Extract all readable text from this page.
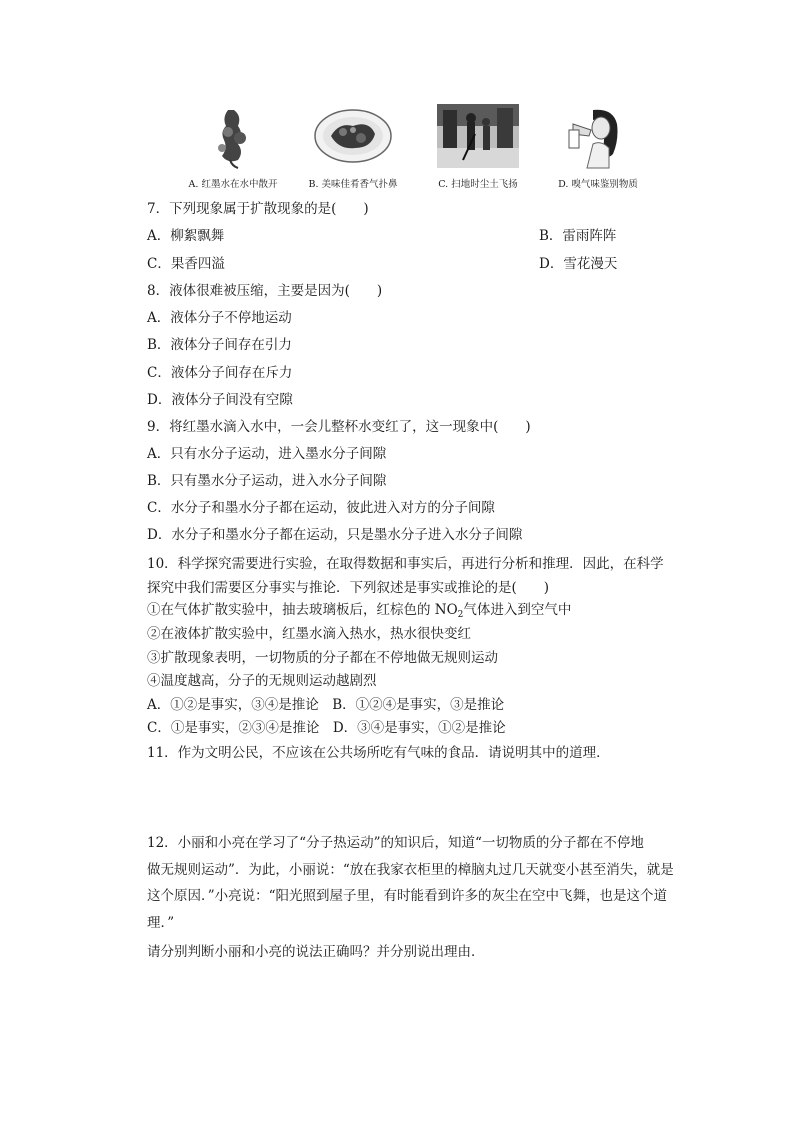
A. 红墨水在水中散开	B. 美味佳肴香气扑鼻	C. 扫地时尘土飞扬	D. 嗅气味鉴别物质
7．下列现象属于扩散现象的是(　　)
A．柳絮飘舞	B．雷雨阵阵
C．果香四溢	D．雪花漫天
8．液体很难被压缩，主要是因为(　　)
A．液体分子不停地运动
B．液体分子间存在引力
C．液体分子间存在斥力
D．液体分子间没有空隙
9．将红墨水滴入水中，一会儿整杯水变红了，这一现象中(　　)
A．只有水分子运动，进入墨水分子间隙
B．只有墨水分子运动，进入水分子间隙
C．水分子和墨水分子都在运动，彼此进入对方的分子间隙
D．水分子和墨水分子都在运动，只是墨水分子进入水分子间隙
10．科学探究需要进行实验，在取得数据和事实后，再进行分析和推理．因此，在科学
探究中我们需要区分事实与推论．下列叙述是事实或推论的是(　　)
①在气体扩散实验中，抽去玻璃板后，红棕色的 $NO_2$气体进入到空气中
②在液体扩散实验中，红墨水滴入热水，热水很快变红
③扩散现象表明，一切物质的分子都在不停地做无规则运动
④温度越高，分子的无规则运动越剧烈
A．①②是事实，③④是推论　B．①②④是事实，③是推论
C．①是事实，②③④是推论　D．③④是事实，①②是推论
11．作为文明公民，不应该在公共场所吃有气味的食品．请说明其中的道理．
12．小丽和小亮在学习了“分子热运动”的知识后，知道“一切物质的分子都在不停地
做无规则运动”．为此，小丽说：“放在我家衣柜里的樟脑丸过几天就变小甚至消失，就是
这个原因．”小亮说：“阳光照到屋子里，有时能看到许多的灰尘在空中飞舞，也是这个道
理．”
请分别判断小丽和小亮的说法正确吗？并分别说出理由．
